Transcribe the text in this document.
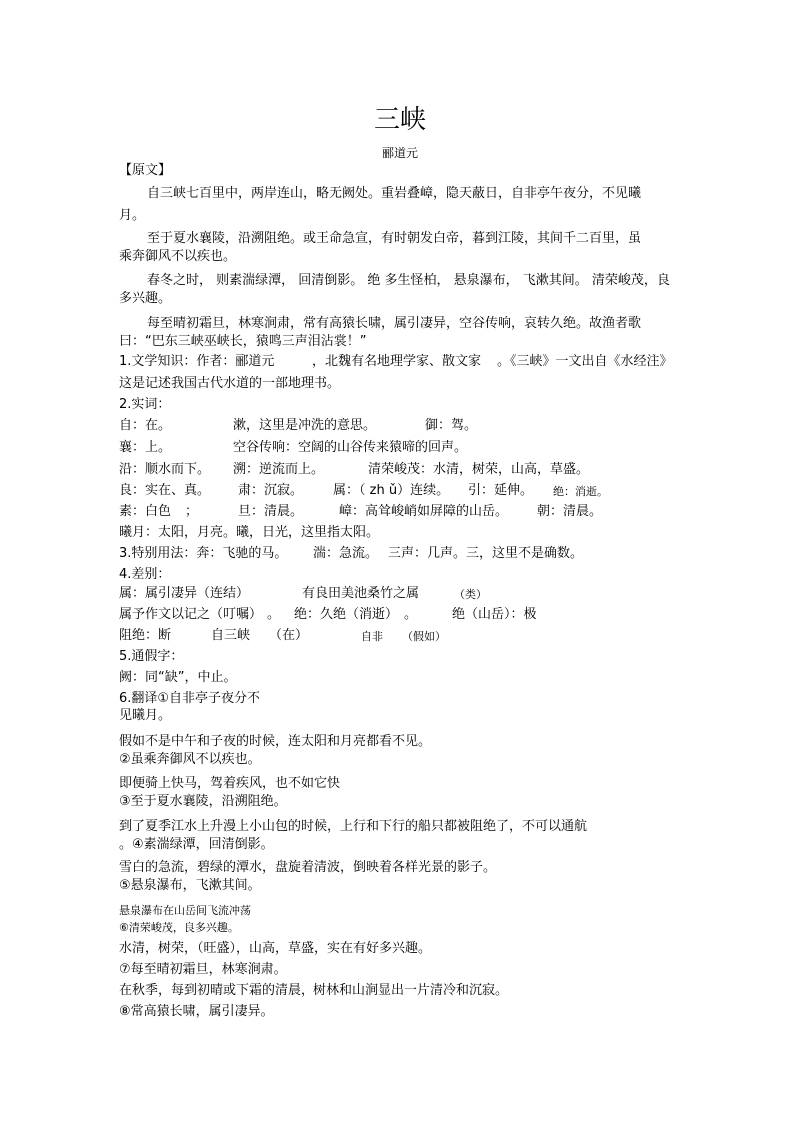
三峡
郦道元
【原文】
自三峡七百里中，两岸连山，略无阙处。重岩叠嶂，隐天蔽日，自非亭午夜分，不见曦
月。
至于夏水襄陵，沿溯阻绝。或王命急宣，有时朝发白帝，暮到江陵，其间千二百里，虽
乘奔御风不以疾也。
春冬之时， 则素湍绿潭， 回清倒影。 绝 多生怪柏， 悬泉瀑布， 飞漱其间。 清荣峻茂，良
多兴趣。
每至晴初霜旦，林寒涧肃，常有高猿长啸，属引凄异，空谷传响，哀转久绝。故渔者歌
曰：“巴东三峡巫峡长，猿鸣三声泪沾裳！”
1.文学知识：作者：郦道元	，北魏有名地理学家、散文家 。《三峡》一文出自《水经注》
这是记述我国古代水道的一部地理书。
2.实词：
自：在。	漱，这里是冲洗的意思。	御：驾。
襄：上。	空谷传响：空阔的山谷传来猿啼的回声。
沿：顺水而下。 溯：逆流而上。	清荣峻茂：水清，树荣，山高，草盛。
良：实在、真。 肃：沉寂。 属：（ zh ǔ）连续。 引：延伸。 绝：消逝。
素：白色 ；	旦：清晨。	嶂：高耸峻峭如屏障的山岳。 朝：清晨。
曦月：太阳，月亮。曦，日光，这里指太阳。
3.特别用法：奔：飞驰的马。 湍：急流。 三声：几声。三，这里不是确数。
4.差别：
属：属引凄异（连结）	有良田美池桑竹之属	（类）
属予作文以记之（叮嘱） 。 绝：久绝（消逝） 。	绝（山岳）：极
阻绝：断	自三峡 （在）	自非 （假如）
5.通假字：
阙：同“缺”，中止。
6.翻译①自非亭子夜分不
见曦月。
假如不是中午和子夜的时候，连太阳和月亮都看不见。
②虽乘奔御风不以疾也。
即便骑上快马，驾着疾风，也不如它快
③至于夏水襄陵，沿溯阻绝。
到了夏季江水上升漫上小山包的时候，上行和下行的船只都被阻绝了，不可以通航
。④素湍绿潭，回清倒影。
雪白的急流，碧绿的潭水，盘旋着清波，倒映着各样光景的影子。
⑤悬泉瀑布，飞漱其间。
悬泉瀑布在山岳间飞流冲荡
⑥清荣峻茂，良多兴趣。
水清，树荣，（旺盛），山高，草盛，实在有好多兴趣。
⑦每至晴初霜旦，林寒涧肃。
在秋季，每到初晴或下霜的清晨，
树林和山涧显出一片清冷和沉寂。
⑧常高猿长啸，属引凄异。
